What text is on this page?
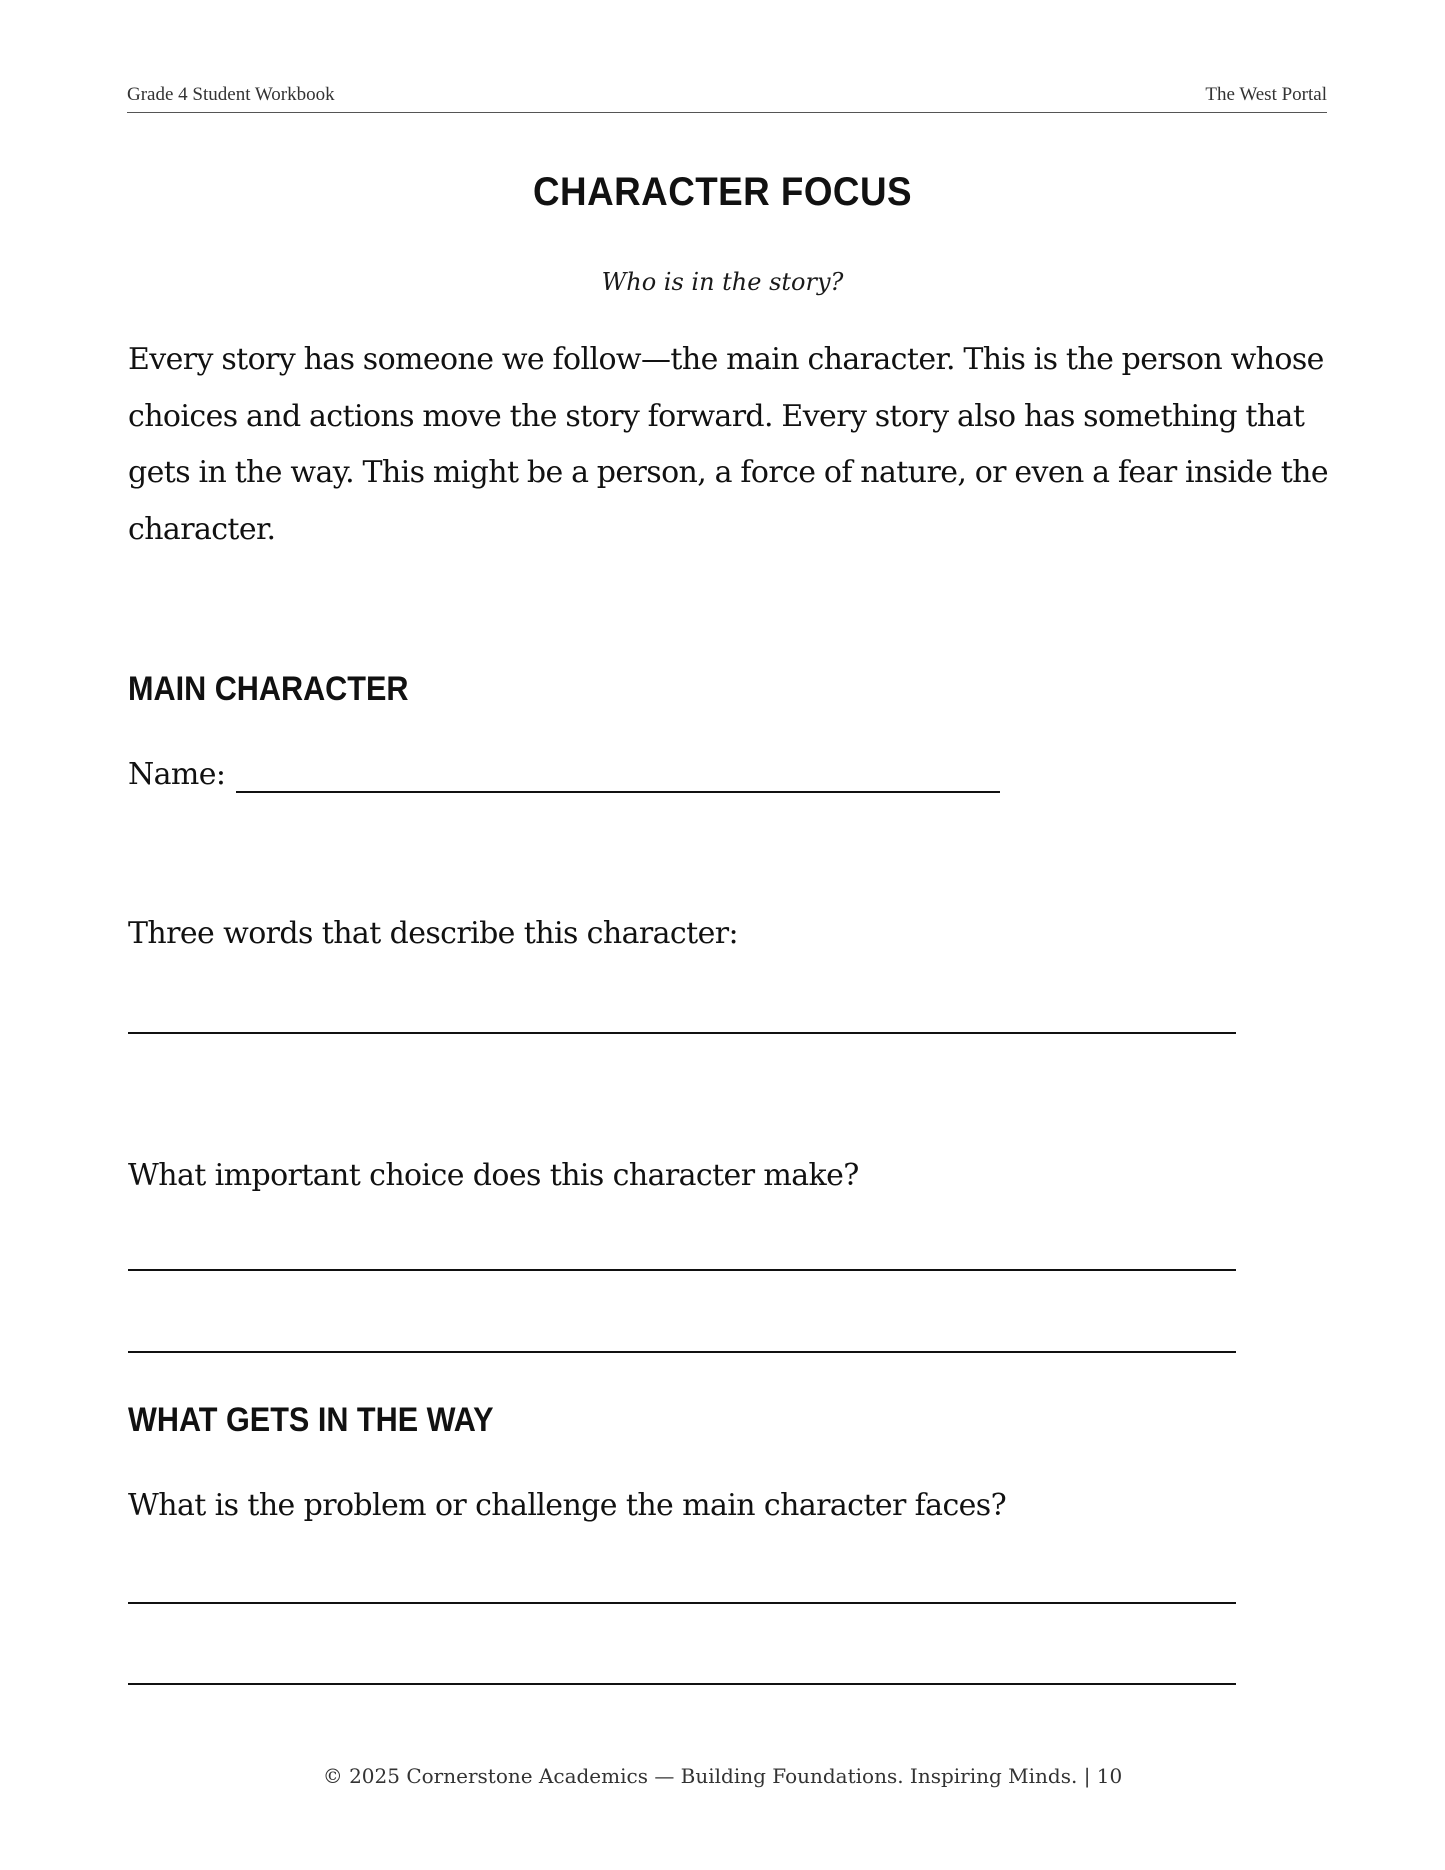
Grade 4 Student Workbook	The West Portal
CHARACTER FOCUS
Who is in the story?

Every story has someone we follow—the main character. This is the person whose choices and actions move the story forward. Every story also has something that gets in the way. This might be a person, a force of nature, or even a fear inside the character.

MAIN CHARACTER
Name:

Three words that describe this character:

What important choice does this character make?

WHAT GETS IN THE WAY

What is the problem or challenge the main character faces?

© 2025 Cornerstone Academics — Building Foundations. Inspiring Minds. | 10
